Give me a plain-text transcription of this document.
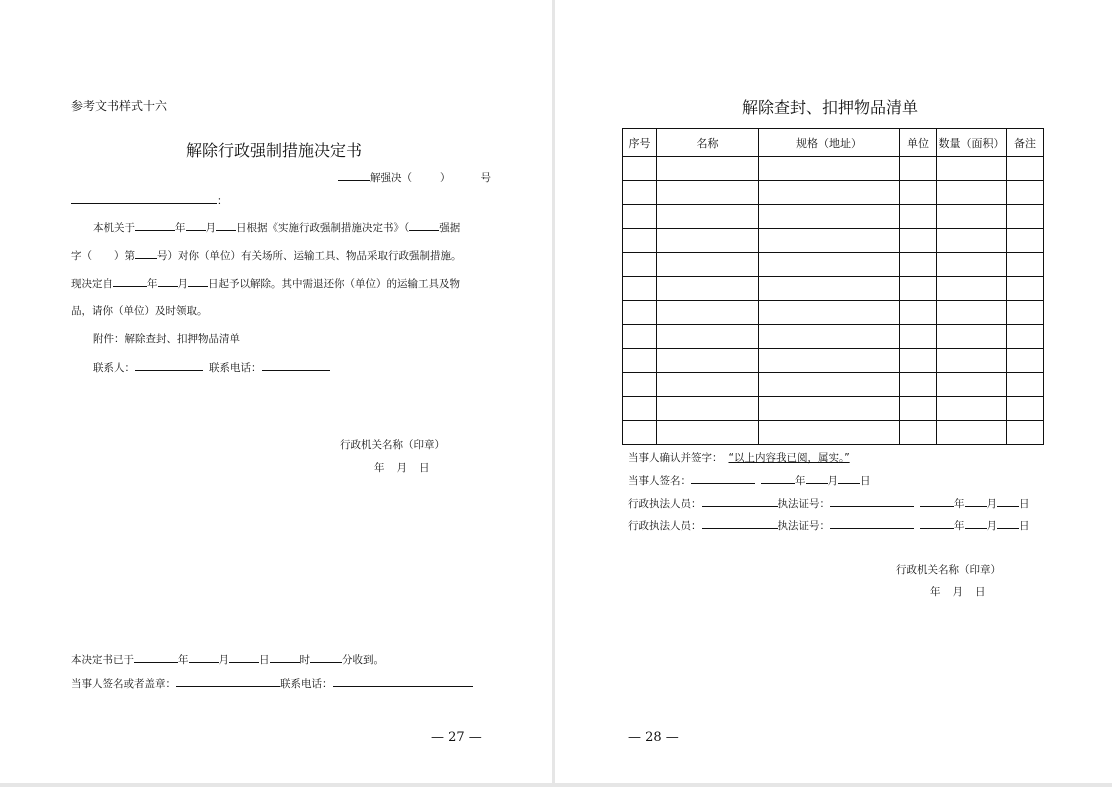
参考文书样式十六
解除行政强制措施决定书
解强决（	）	号
：
本机关于	年 月 日根据《实施行政强制措施决定书》（	强据
字（ ）第 号）对你（单位）有关场所、运输工具、物品采取行政强制措施。
现决定自	年 月 日起予以解除。其中需退还你（单位）的运输工具及物
品，请你（单位）及时领取。
附件：解除查封、扣押物品清单
联系人：	联系电话：
行政机关名称（印章）
年 月 日
本决定书已于	年	月	日	时	分收到。
当事人签名或者盖章：	联系电话：
— 27 —
解除查封、扣押物品清单
序号	名称	规格（地址）	单位	数量（面积）	备注

当事人确认并签字： “以上内容我已阅，属实。”
当事人签名：	年 月 日
行政执法人员：	执法证号：	年 月 日
行政执法人员：	执法证号：	年 月 日
行政机关名称（印章）
年 月 日
— 28 —
